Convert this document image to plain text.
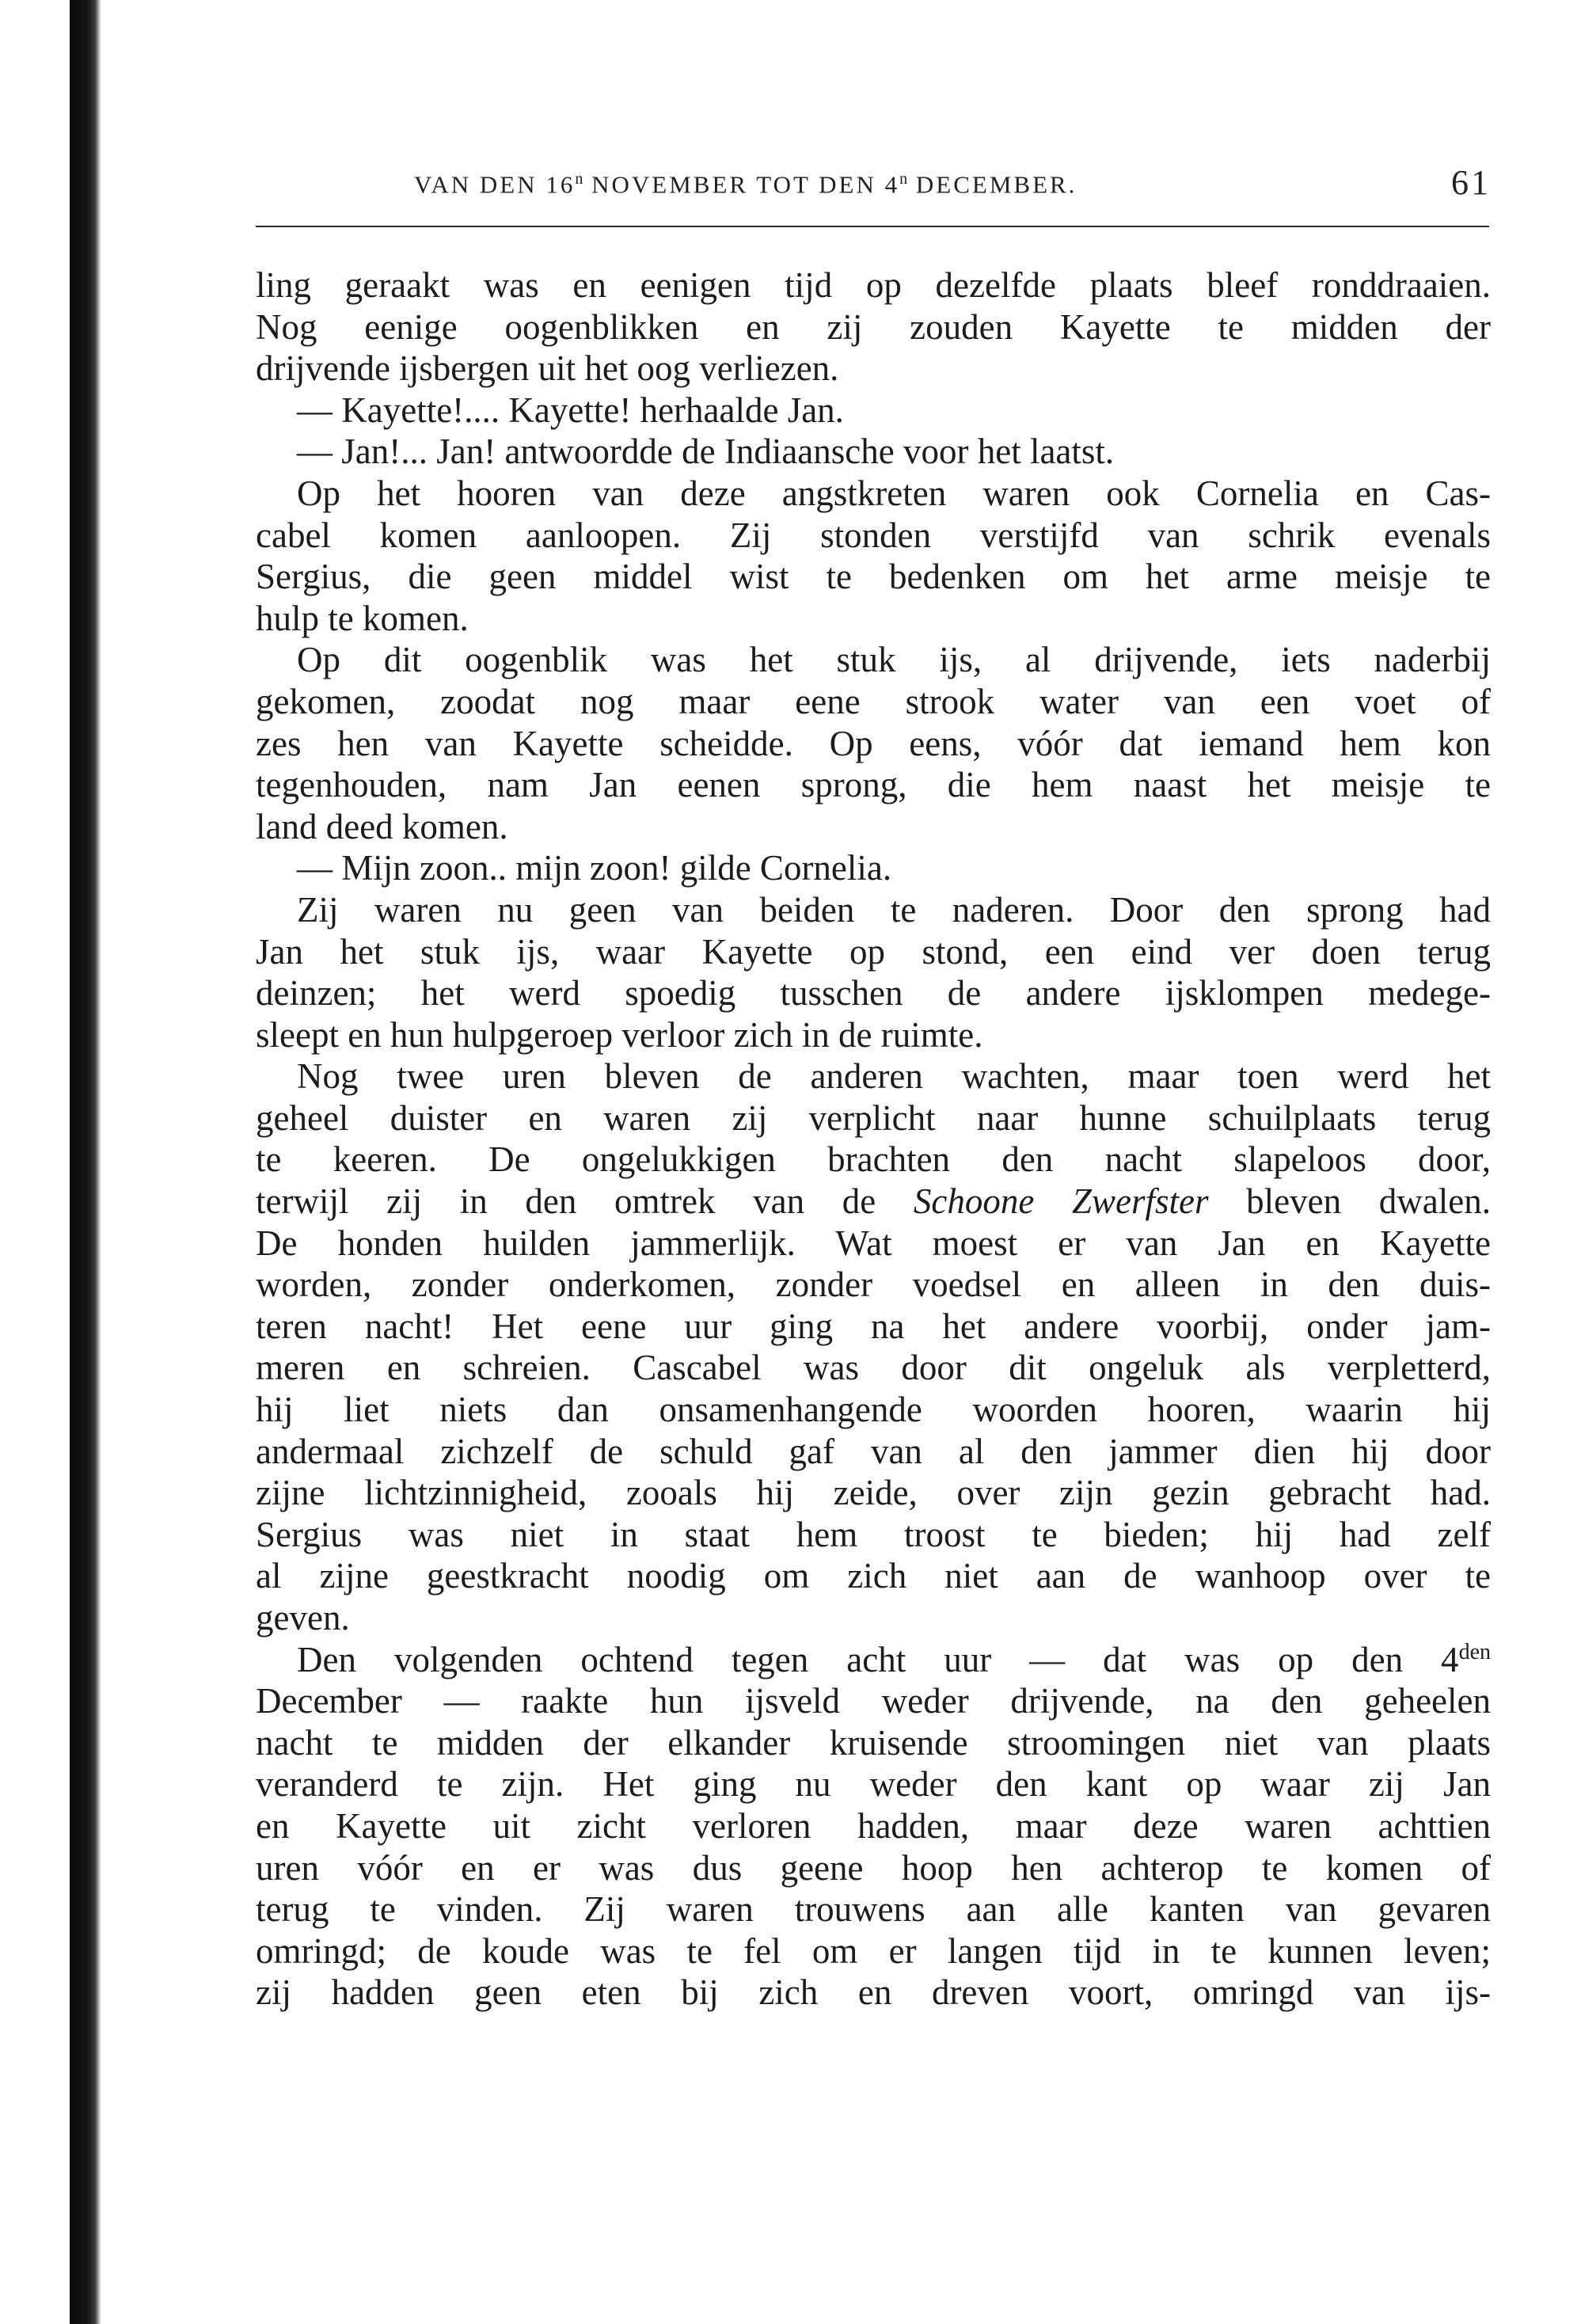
VAN DEN 16$^n$ NOVEMBER TOT DEN 4$^n$ DECEMBER.	61
ling geraakt was en eenigen tijd op dezelfde plaats bleef ronddraaien.
Nog eenige oogenblikken en zij zouden Kayette te midden der
drijvende ijsbergen uit het oog verliezen.
— Kayette!.... Kayette! herhaalde Jan.
— Jan!... Jan! antwoordde de Indiaansche voor het laatst.
Op het hooren van deze angstkreten waren ook Cornelia en Cas-
cabel komen aanloopen. Zij stonden verstijfd van schrik evenals
Sergius, die geen middel wist te bedenken om het arme meisje te
hulp te komen.
Op dit oogenblik was het stuk ijs, al drijvende, iets naderbij
gekomen, zoodat nog maar eene strook water van een voet of
zes hen van Kayette scheidde. Op eens, vóór dat iemand hem kon
tegenhouden, nam Jan eenen sprong, die hem naast het meisje te
land deed komen.
— Mijn zoon.. mijn zoon! gilde Cornelia.
Zij waren nu geen van beiden te naderen. Door den sprong had
Jan het stuk ijs, waar Kayette op stond, een eind ver doen terug
deinzen; het werd spoedig tusschen de andere ijsklompen medege-
sleept en hun hulpgeroep verloor zich in de ruimte.
Nog twee uren bleven de anderen wachten, maar toen werd het
geheel duister en waren zij verplicht naar hunne schuilplaats terug
te keeren. De ongelukkigen brachten den nacht slapeloos door,
terwijl zij in den omtrek van de Schoone Zwerfster bleven dwalen.
De honden huilden jammerlijk. Wat moest er van Jan en Kayette
worden, zonder onderkomen, zonder voedsel en alleen in den duis-
teren nacht! Het eene uur ging na het andere voorbij, onder jam-
meren en schreien. Cascabel was door dit ongeluk als verpletterd,
hij liet niets dan onsamenhangende woorden hooren, waarin hij
andermaal zichzelf de schuld gaf van al den jammer dien hij door
zijne lichtzinnigheid, zooals hij zeide, over zijn gezin gebracht had.
Sergius was niet in staat hem troost te bieden; hij had zelf
al zijne geestkracht noodig om zich niet aan de wanhoop over te
geven.
Den volgenden ochtend tegen acht uur — dat was op den $4^{den}$
December — raakte hun ijsveld weder drijvende, na den geheelen
nacht te midden der elkander kruisende stroomingen niet van plaats
veranderd te zijn. Het ging nu weder den kant op waar zij Jan
en Kayette uit zicht verloren hadden, maar deze waren achttien
uren vóór en er was dus geene hoop hen achterop te komen of
terug te vinden. Zij waren trouwens aan alle kanten van gevaren
omringd; de koude was te fel om er langen tijd in te kunnen leven;
zij hadden geen eten bij zich en dreven voort, omringd van ijs-
